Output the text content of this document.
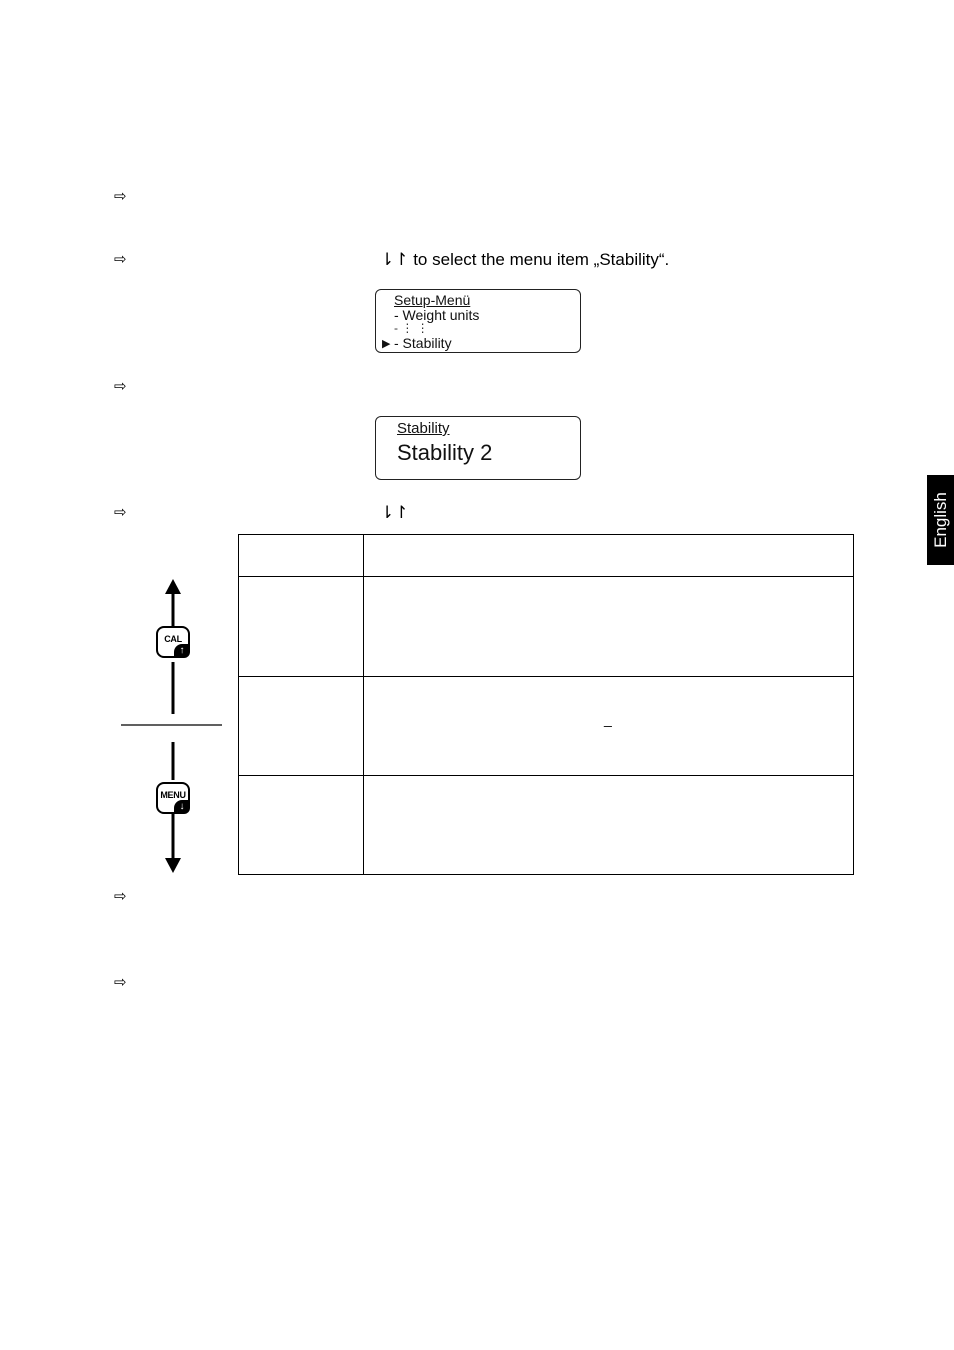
⇨
⇨	⇂↾ to select the menu item „Stability“.
Setup-Menü
- Weight units
- ⋮ ⋮
▶ - Stability
⇨
Stability
Stability 2
⇨	⇂↾
_
CAL
↑
MENU
↓
⇨
⇨
English
